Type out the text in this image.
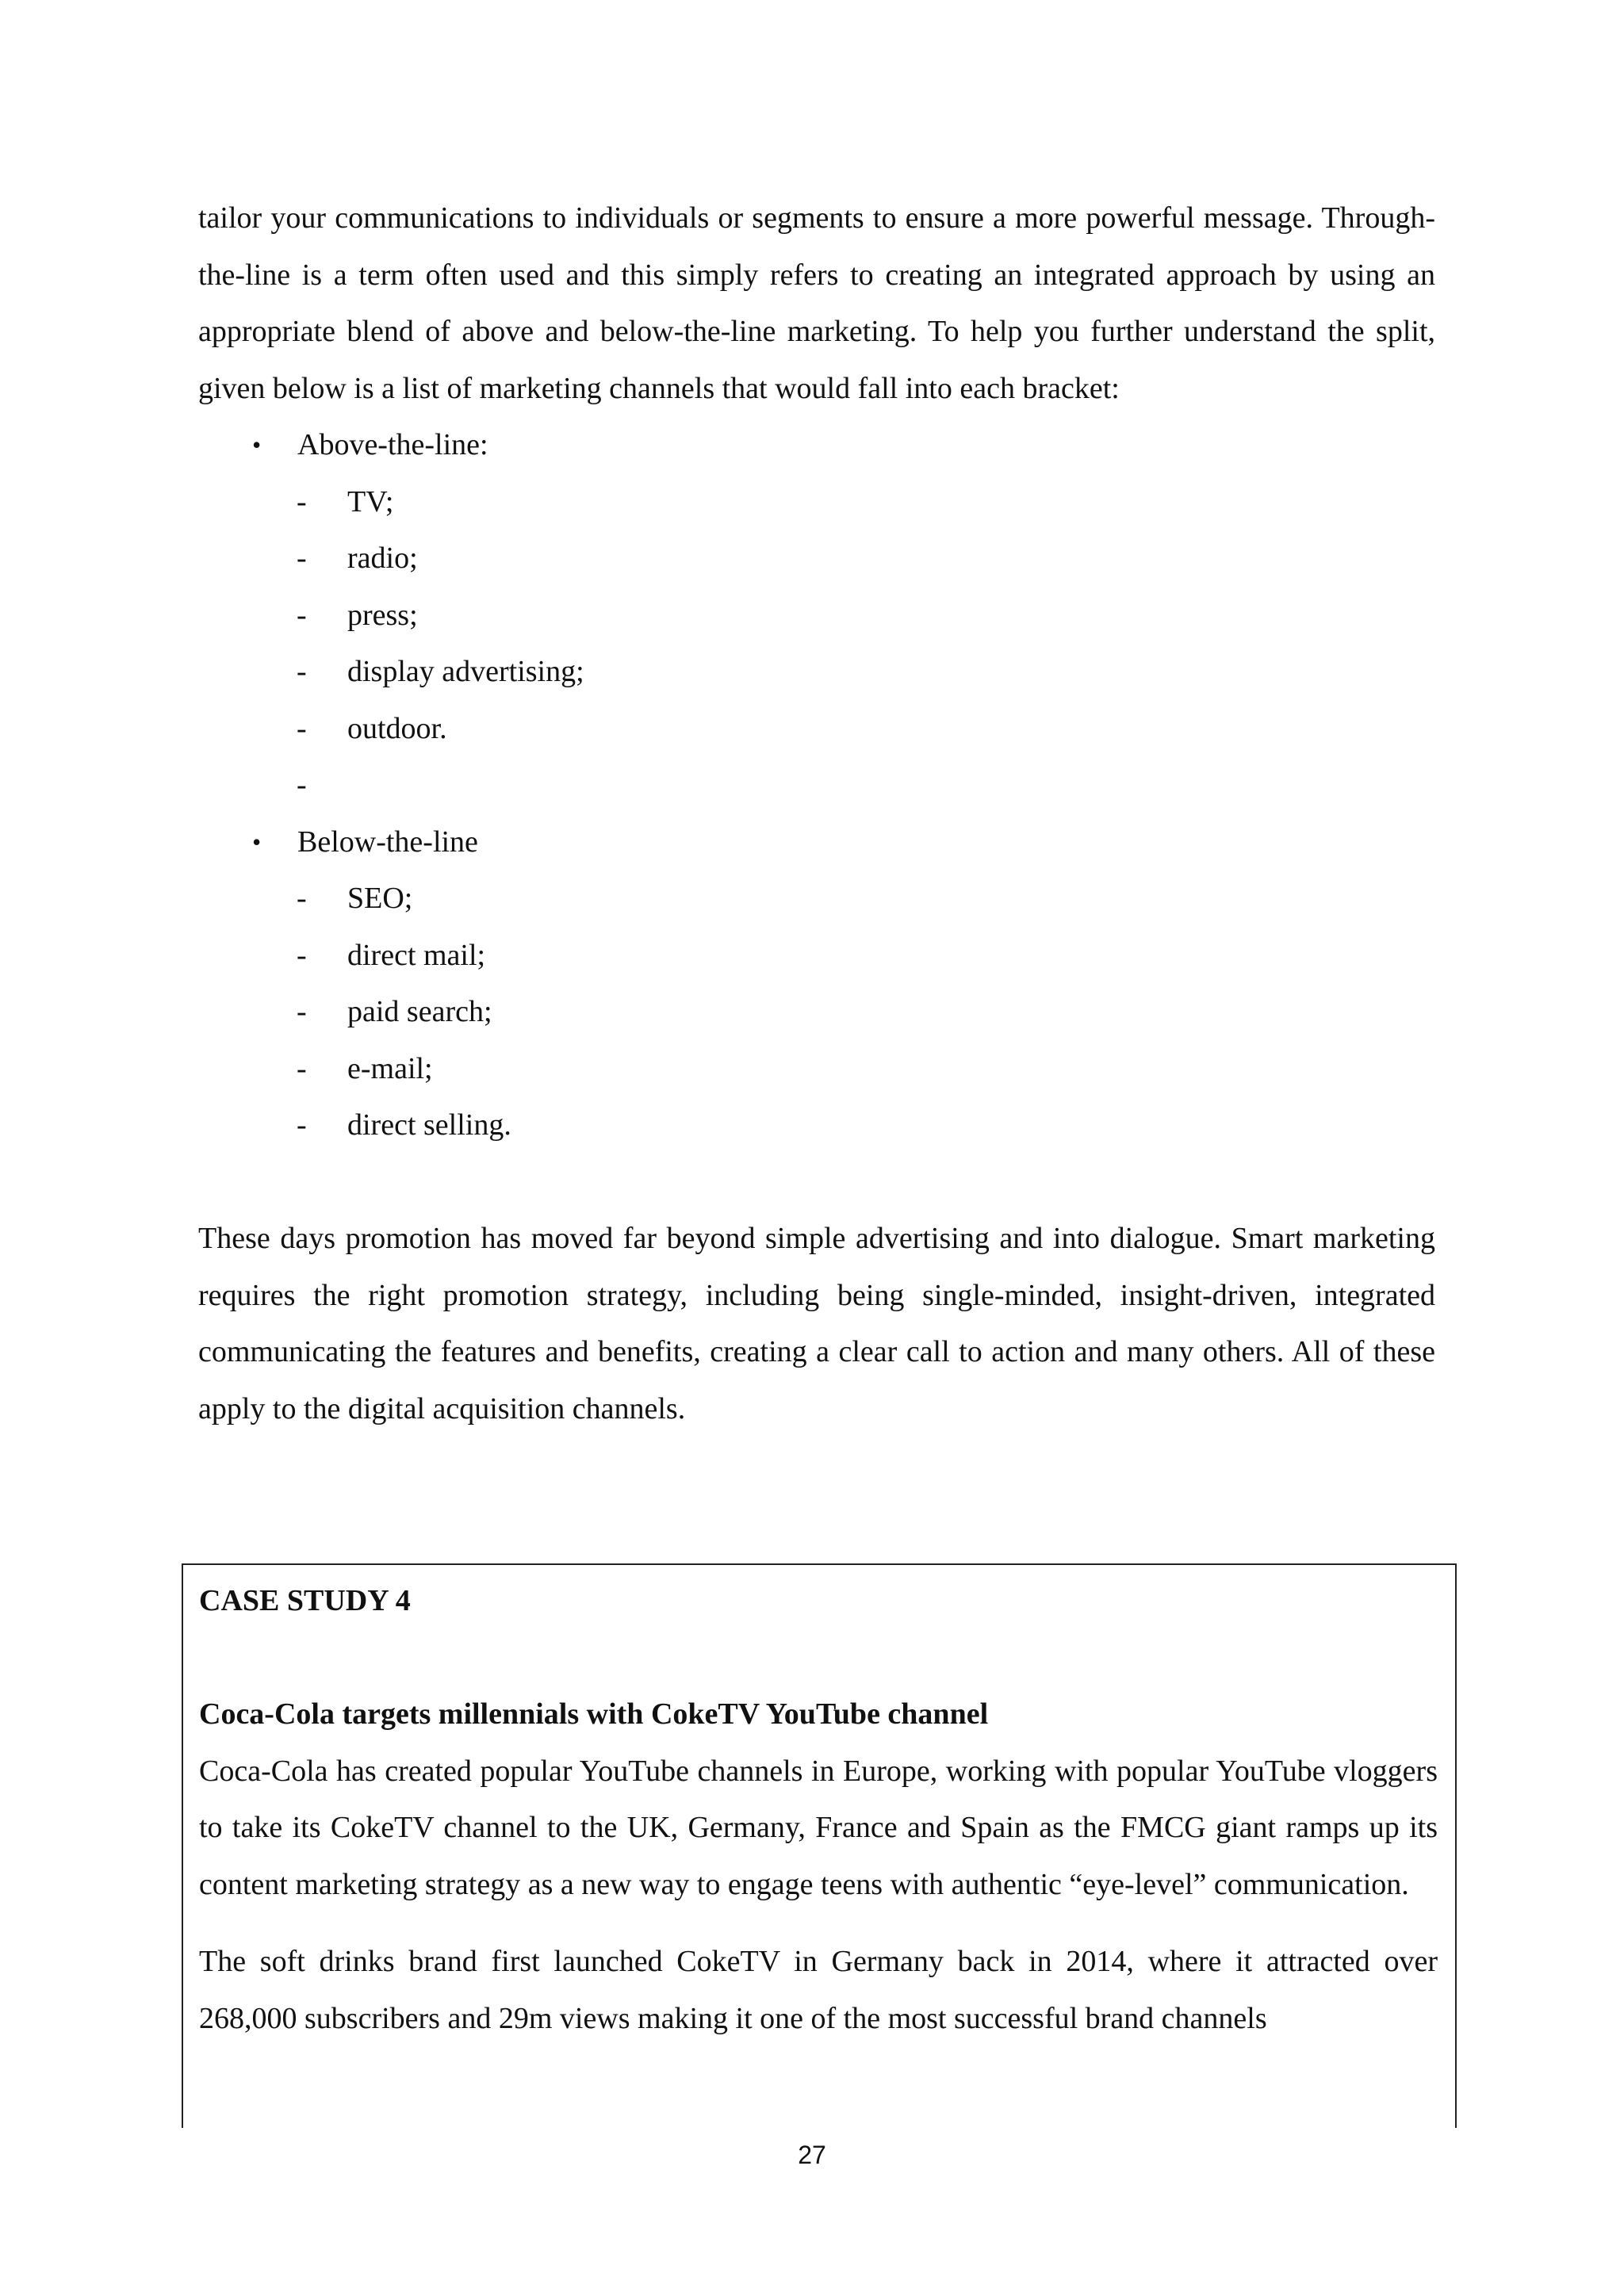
tailor your communications to individuals or segments to ensure a more powerful message. Through-the-line is a term often used and this simply refers to creating an integrated approach by using an appropriate blend of above and below-the-line marketing. To help you further understand the split, given below is a list of marketing channels that would fall into each bracket:

• Above-the-line:
- TV;
- radio;
- press;
- display advertising;
- outdoor.
-
• Below-the-line
- SEO;
- direct mail;
- paid search;
- e-mail;
- direct selling.

These days promotion has moved far beyond simple advertising and into dialogue. Smart marketing requires the right promotion strategy, including being single-minded, insight-driven, integrated communicating the features and benefits, creating a clear call to action and many others. All of these apply to the digital acquisition channels.

CASE STUDY 4

Coca-Cola targets millennials with CokeTV YouTube channel

Coca-Cola has created popular YouTube channels in Europe, working with popular YouTube vloggers to take its CokeTV channel to the UK, Germany, France and Spain as the FMCG giant ramps up its content marketing strategy as a new way to engage teens with authentic “eye-level” communication.

The soft drinks brand first launched CokeTV in Germany back in 2014, where it attracted over 268,000 subscribers and 29m views making it one of the most successful brand channels

27
